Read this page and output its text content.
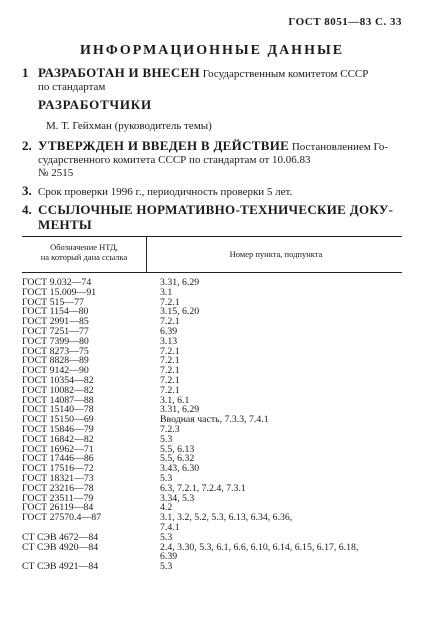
ГОСТ 8051—83 С. 33
ИНФОРМАЦИОННЫЕ ДАННЫЕ
1 РАЗРАБОТАН И ВНЕСЕН Государственным комитетом СССР
по стандартам
РАЗРАБОТЧИКИ
М. Т. Гейхман (руководитель темы)
2. УТВЕРЖДЕН И ВВЕДЕН В ДЕЙСТВИЕ Постановлением Го-
сударственного комитета СССР по стандартам от 10.06.83
№ 2515
3. Срок проверки 1996 г., периодичность проверки 5 лет.
4. ССЫЛОЧНЫЕ НОРМАТИВНО-ТЕХНИЧЕСКИЕ ДОКУ-
МЕНТЫ
Обозначение НТД,
на который дана ссылка	Номер пункта, подпункта
ГОСТ 9.032—74	3.31, 6.29
ГОСТ 15.009—91	3.1
ГОСТ 515—77	7.2.1
ГОСТ 1154—80	3.15, 6.20
ГОСТ 2991—85	7.2.1
ГОСТ 7251—77	6.39
ГОСТ 7399—80	3.13
ГОСТ 8273—75	7.2.1
ГОСТ 8828—89	7.2.1
ГОСТ 9142—90	7.2.1
ГОСТ 10354—82	7.2.1
ГОСТ 10082—82	7.2.1
ГОСТ 14087—88	3.1, 6.1
ГОСТ 15140—78	3.31, 6.29
ГОСТ 15150—69	Вводная часть, 7.3.3, 7.4.1
ГОСТ 15846—79	7.2.3
ГОСТ 16842—82	5.3
ГОСТ 16962—71	5.5, 6.13
ГОСТ 17446—86	5.5, 6.32
ГОСТ 17516—72	3.43, 6.30
ГОСТ 18321—73	5.3
ГОСТ 23216—78	6.3, 7.2.1, 7.2.4, 7.3.1
ГОСТ 23511—79	3.34, 5.3
ГОСТ 26119—84	4.2
ГОСТ 27570.4—87	3.1, 3.2, 5.2, 5.3, 6.13, 6.34, 6.36,
7.4.1
СТ СЭВ 4672—84	5.3
СТ СЭВ 4920—84	2.4, 3.30, 5.3, 6.1, 6.6, 6.10, 6.14, 6.15, 6.17, 6.18,
6.39
СТ СЭВ 4921—84	5.3
